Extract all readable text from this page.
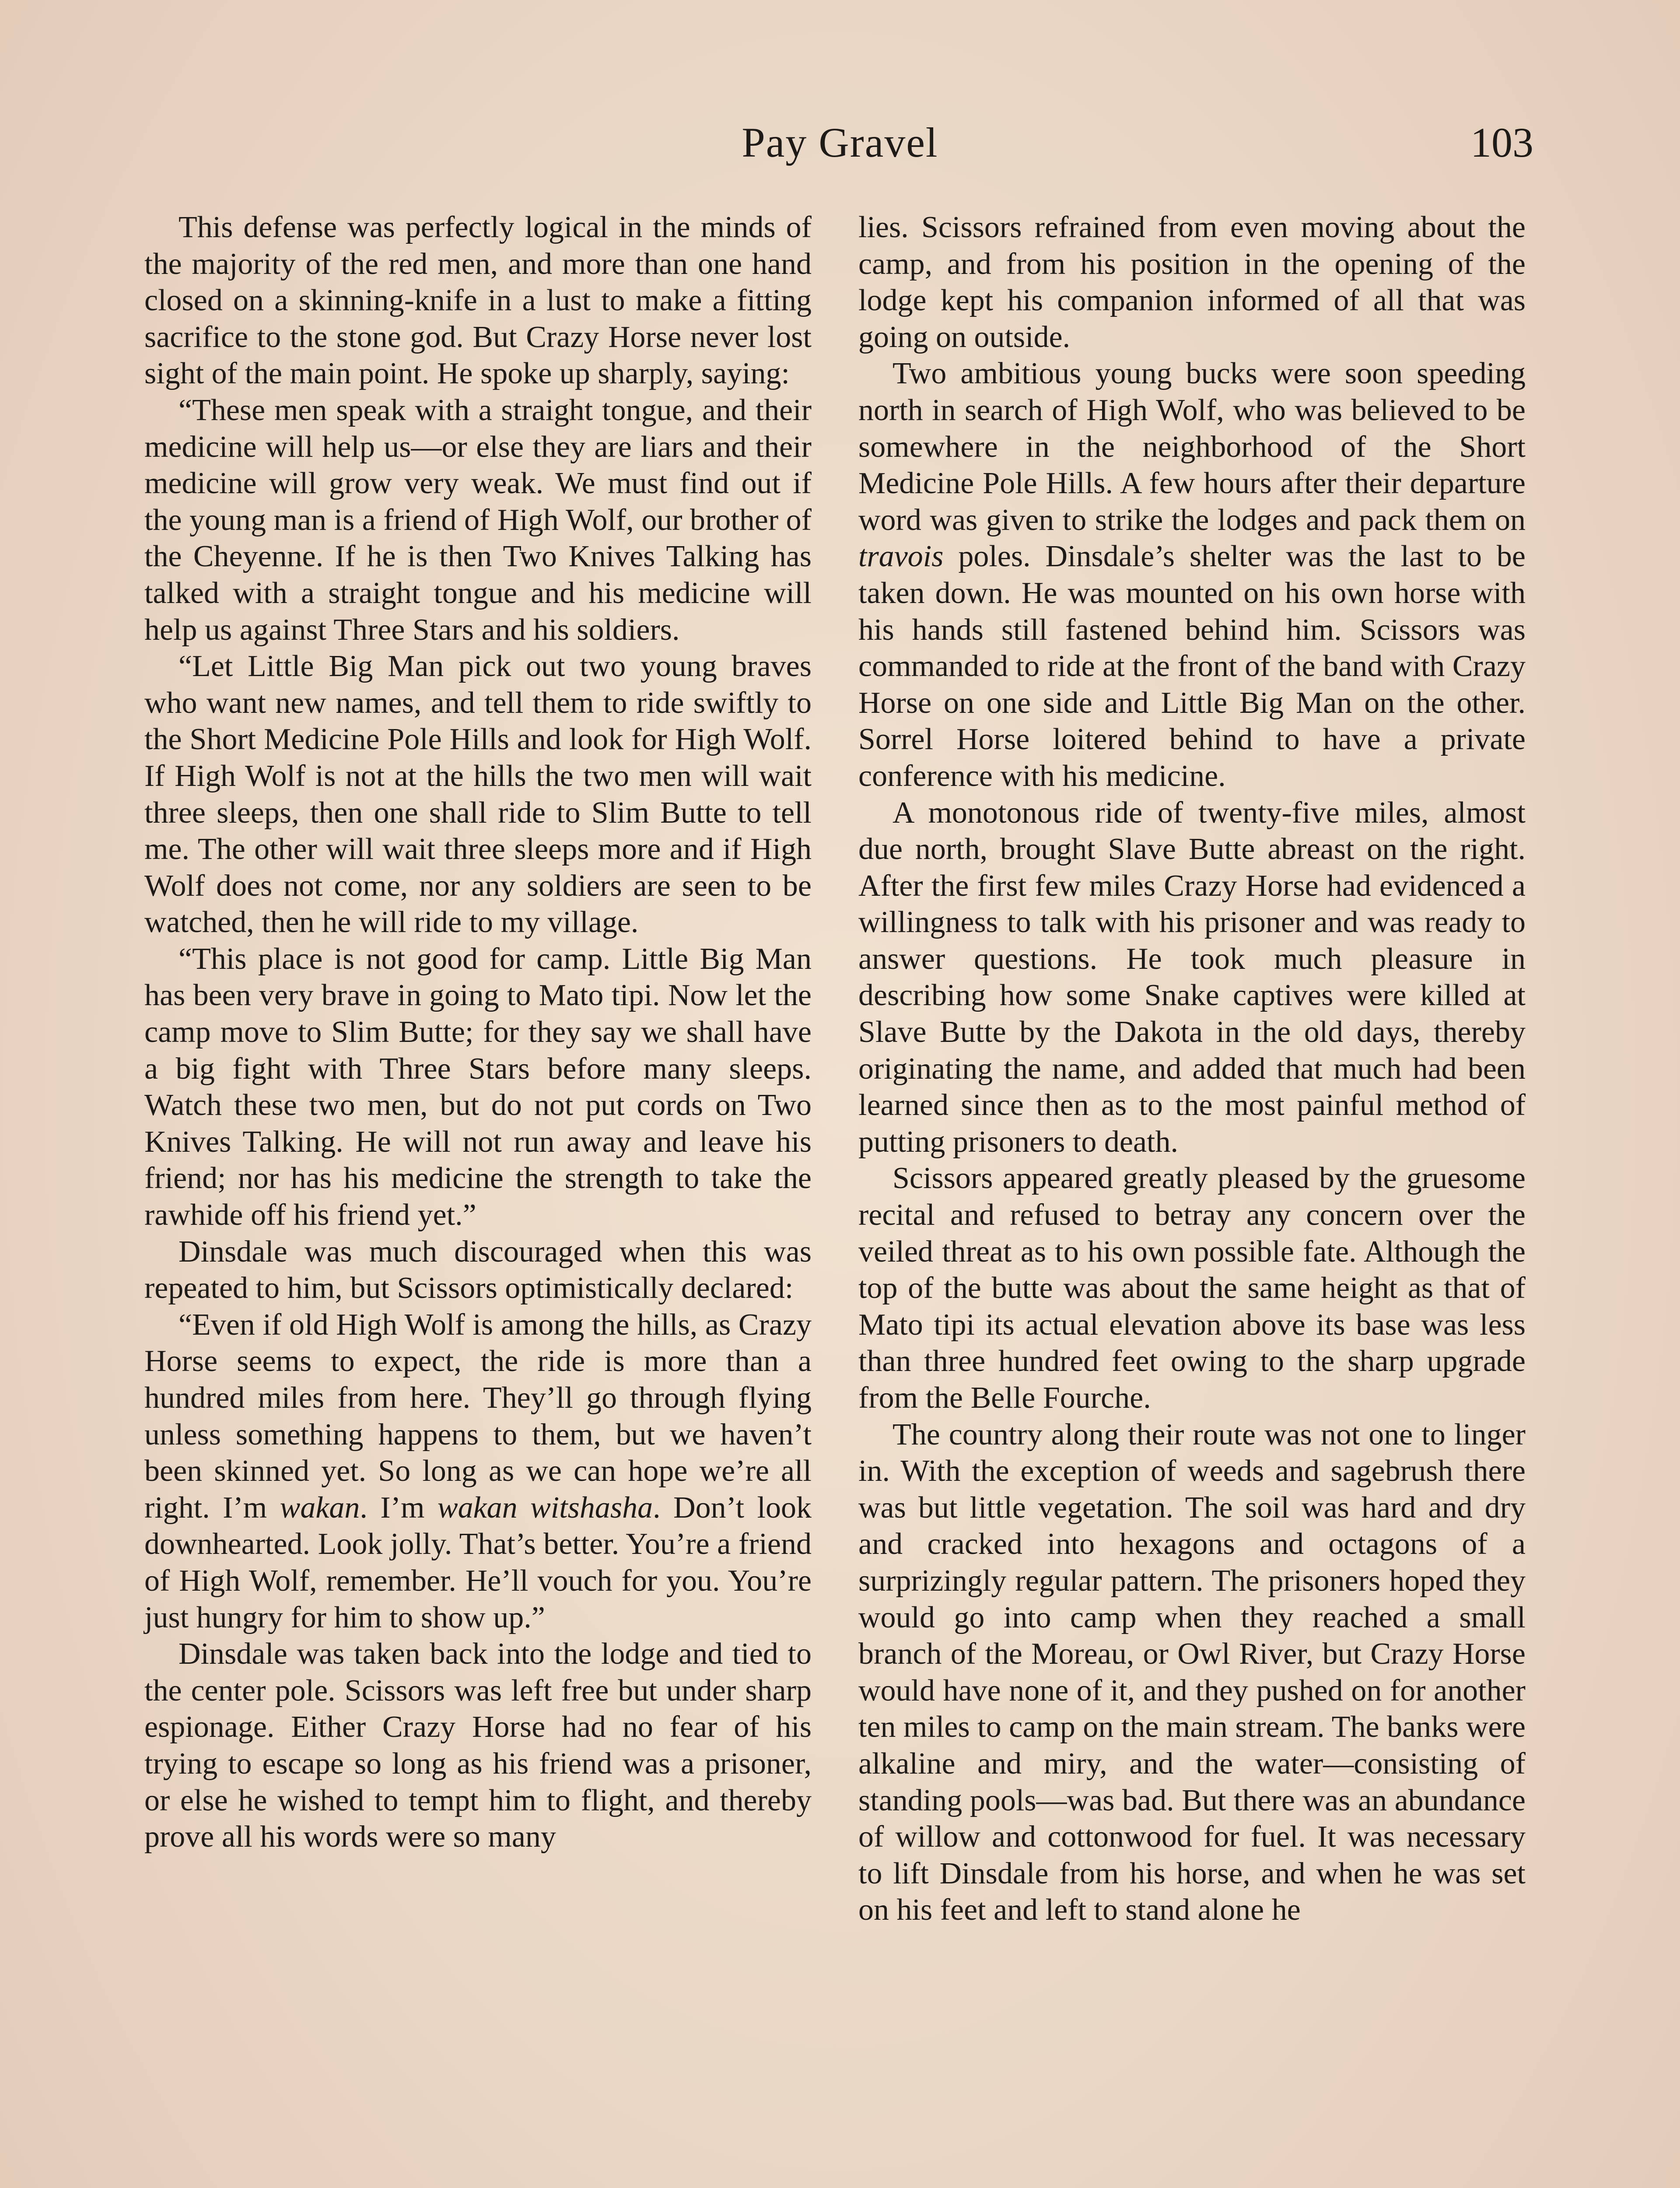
Pay Gravel	103

This defense was perfectly logical in the minds of the majority of the red men, and more than one hand closed on a skinning-knife in a lust to make a fitting sacrifice to the stone god. But Crazy Horse never lost sight of the main point. He spoke up sharply, saying:

“These men speak with a straight tongue, and their medicine will help us—or else they are liars and their medicine will grow very weak. We must find out if the young man is a friend of High Wolf, our brother of the Cheyenne. If he is then Two Knives Talking has talked with a straight tongue and his medicine will help us against Three Stars and his soldiers.

“Let Little Big Man pick out two young braves who want new names, and tell them to ride swiftly to the Short Medicine Pole Hills and look for High Wolf. If High Wolf is not at the hills the two men will wait three sleeps, then one shall ride to Slim Butte to tell me. The other will wait three sleeps more and if High Wolf does not come, nor any soldiers are seen to be watched, then he will ride to my village.

“This place is not good for camp. Little Big Man has been very brave in going to Mato tipi. Now let the camp move to Slim Butte; for they say we shall have a big fight with Three Stars before many sleeps. Watch these two men, but do not put cords on Two Knives Talking. He will not run away and leave his friend; nor has his medicine the strength to take the rawhide off his friend yet.”

Dinsdale was much discouraged when this was repeated to him, but Scissors optimistically declared:

“Even if old High Wolf is among the hills, as Crazy Horse seems to expect, the ride is more than a hundred miles from here. They’ll go through flying unless something happens to them, but we haven’t been skinned yet. So long as we can hope we’re all right. I’m wakan. I’m wakan witshasha. Don’t look downhearted. Look jolly. That’s better. You’re a friend of High Wolf, remember. He’ll vouch for you. You’re just hungry for him to show up.”

Dinsdale was taken back into the lodge and tied to the center pole. Scissors was left free but under sharp espionage. Either Crazy Horse had no fear of his trying to escape so long as his friend was a prisoner, or else he wished to tempt him to flight, and thereby prove all his words were so many

lies. Scissors refrained from even moving about the camp, and from his position in the opening of the lodge kept his companion informed of all that was going on outside.

Two ambitious young bucks were soon speeding north in search of High Wolf, who was believed to be somewhere in the neighborhood of the Short Medicine Pole Hills. A few hours after their departure word was given to strike the lodges and pack them on travois poles. Dinsdale’s shelter was the last to be taken down. He was mounted on his own horse with his hands still fastened behind him. Scissors was commanded to ride at the front of the band with Crazy Horse on one side and Little Big Man on the other. Sorrel Horse loitered behind to have a private conference with his medicine.

A monotonous ride of twenty-five miles, almost due north, brought Slave Butte abreast on the right. After the first few miles Crazy Horse had evidenced a willingness to talk with his prisoner and was ready to answer questions. He took much pleasure in describing how some Snake captives were killed at Slave Butte by the Dakota in the old days, thereby originating the name, and added that much had been learned since then as to the most painful method of putting prisoners to death.

Scissors appeared greatly pleased by the gruesome recital and refused to betray any concern over the veiled threat as to his own possible fate. Although the top of the butte was about the same height as that of Mato tipi its actual elevation above its base was less than three hundred feet owing to the sharp upgrade from the Belle Fourche.

The country along their route was not one to linger in. With the exception of weeds and sagebrush there was but little vegetation. The soil was hard and dry and cracked into hexagons and octagons of a surprizingly regular pattern. The prisoners hoped they would go into camp when they reached a small branch of the Moreau, or Owl River, but Crazy Horse would have none of it, and they pushed on for another ten miles to camp on the main stream. The banks were alkaline and miry, and the water—consisting of standing pools—was bad. But there was an abundance of willow and cottonwood for fuel. It was necessary to lift Dinsdale from his horse, and when he was set on his feet and left to stand alone he
